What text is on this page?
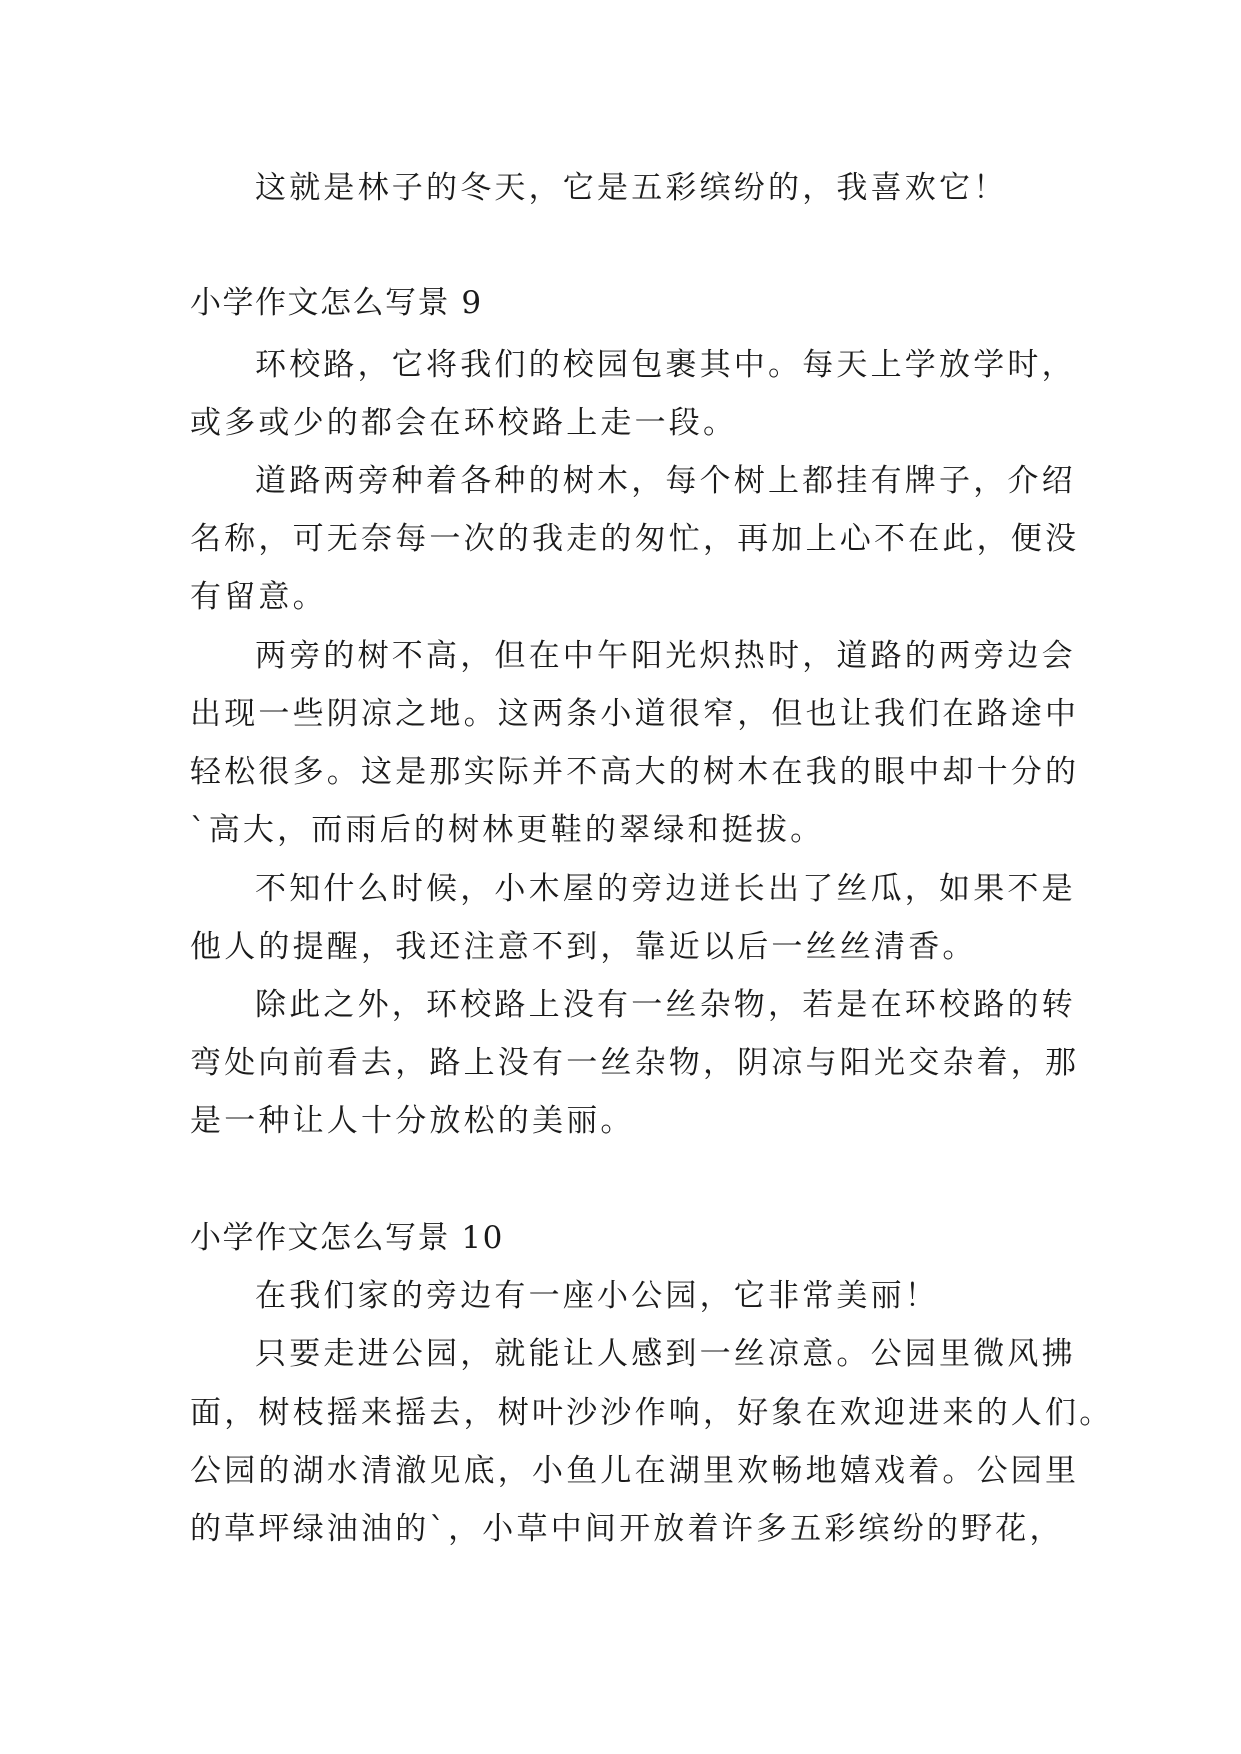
这就是林子的冬天，它是五彩缤纷的，我喜欢它！
小学作文怎么写景 9
环校路，它将我们的校园包裹其中。每天上学放学时，
或多或少的都会在环校路上走一段。
道路两旁种着各种的树木，每个树上都挂有牌子，介绍
名称，可无奈每一次的我走的匆忙，再加上心不在此，便没
有留意。
两旁的树不高，但在中午阳光炽热时，道路的两旁边会
出现一些阴凉之地。这两条小道很窄，但也让我们在路途中
轻松很多。这是那实际并不高大的树木在我的眼中却十分的
`高大，而雨后的树林更鞋的翠绿和挺拔。
不知什么时候，小木屋的旁边迸长出了丝瓜，如果不是
他人的提醒，我还注意不到，靠近以后一丝丝清香。
除此之外，环校路上没有一丝杂物，若是在环校路的转
弯处向前看去，路上没有一丝杂物，阴凉与阳光交杂着，那
是一种让人十分放松的美丽。
小学作文怎么写景 10
在我们家的旁边有一座小公园，它非常美丽！
只要走进公园，就能让人感到一丝凉意。公园里微风拂
面，树枝摇来摇去，树叶沙沙作响，好象在欢迎进来的人们。
公园的湖水清澈见底，小鱼儿在湖里欢畅地嬉戏着。公园里
的草坪绿油油的`，小草中间开放着许多五彩缤纷的野花，
